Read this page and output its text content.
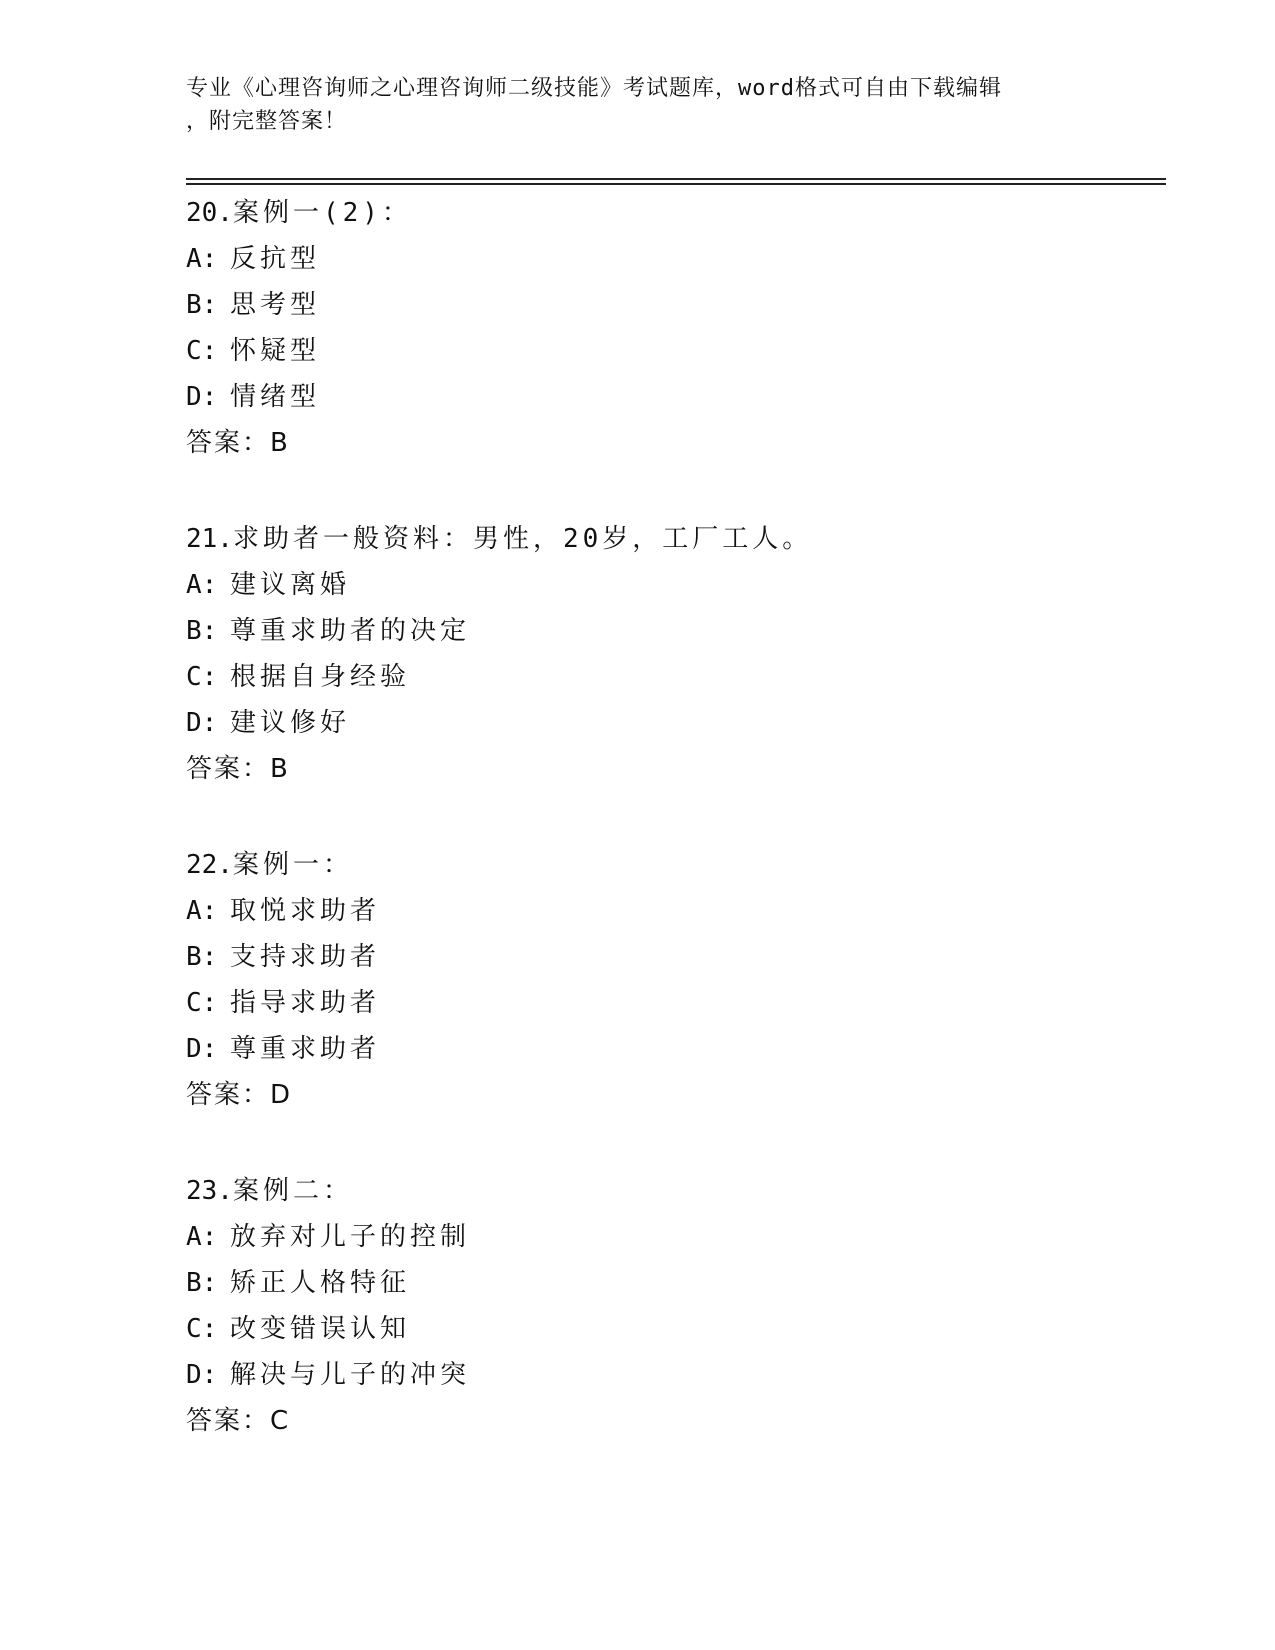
专业《心理咨询师之心理咨询师二级技能》考试题库，word格式可自由下载编辑
，附完整答案！
20.案例一(2)：
A: 反抗型
B: 思考型
C: 怀疑型
D: 情绪型
答案：B
21.求助者一般资料：男性，20岁，工厂工人。
A: 建议离婚
B: 尊重求助者的决定
C: 根据自身经验
D: 建议修好
答案：B
22.案例一：
A: 取悦求助者
B: 支持求助者
C: 指导求助者
D: 尊重求助者
答案：D
23.案例二：
A: 放弃对儿子的控制
B: 矫正人格特征
C: 改变错误认知
D: 解决与儿子的冲突
答案：C
